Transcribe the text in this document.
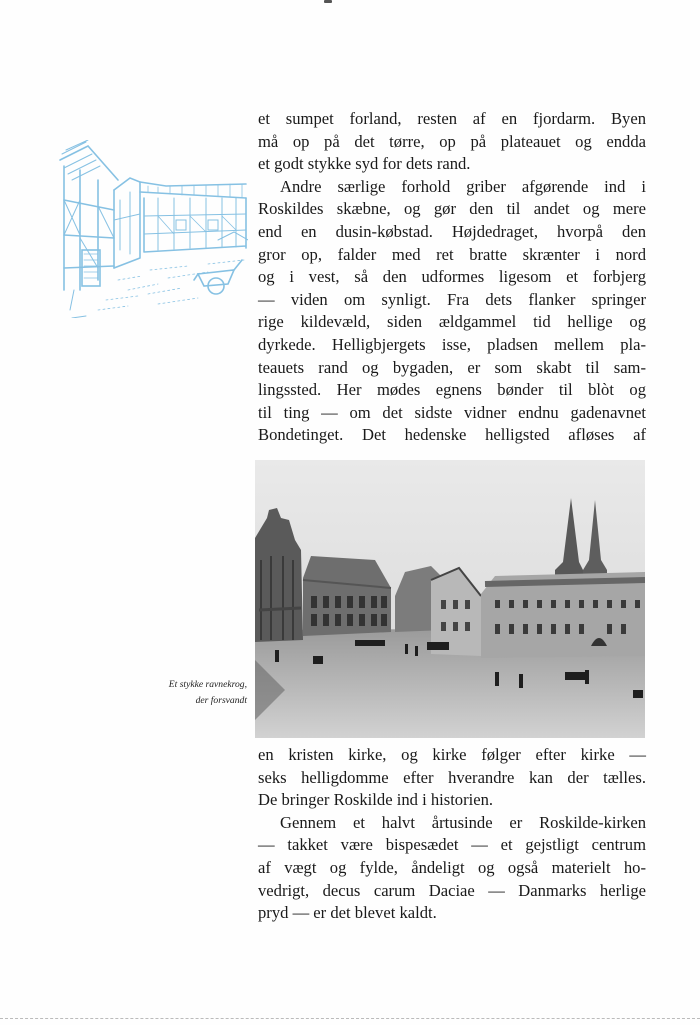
et sumpet forland, resten af en fjordarm. Byen

må op på det tørre, op på plateauet og endda

et godt stykke syd for dets rand.

Andre særlige forhold griber afgørende ind i

Roskildes skæbne, og gør den til andet og mere

end en dusin-købstad. Højdedraget, hvorpå den

gror op, falder med ret bratte skrænter i nord

og i vest, så den udformes ligesom et forbjerg

— viden om synligt. Fra dets flanker springer

rige kildevæld, siden ældgammel tid hellige og

dyrkede. Helligbjergets isse, pladsen mellem pla-

teauets rand og bygaden, er som skabt til sam-

lingssted. Her mødes egnens bønder til blòt og

til ting — om det sidste vidner endnu gadenavnet

Bondetinget. Det hedenske helligsted afløses af

Et stykke ravnekrog,
der forsvandt

en kristen kirke, og kirke følger efter kirke —

seks helligdomme efter hverandre kan der tælles.

De bringer Roskilde ind i historien.

Gennem et halvt årtusinde er Roskilde-kirken

— takket være bispesædet — et gejstligt centrum

af vægt og fylde, åndeligt og også materielt ho-

vedrigt, decus carum Daciae — Danmarks herlige

pryd — er det blevet kaldt.
